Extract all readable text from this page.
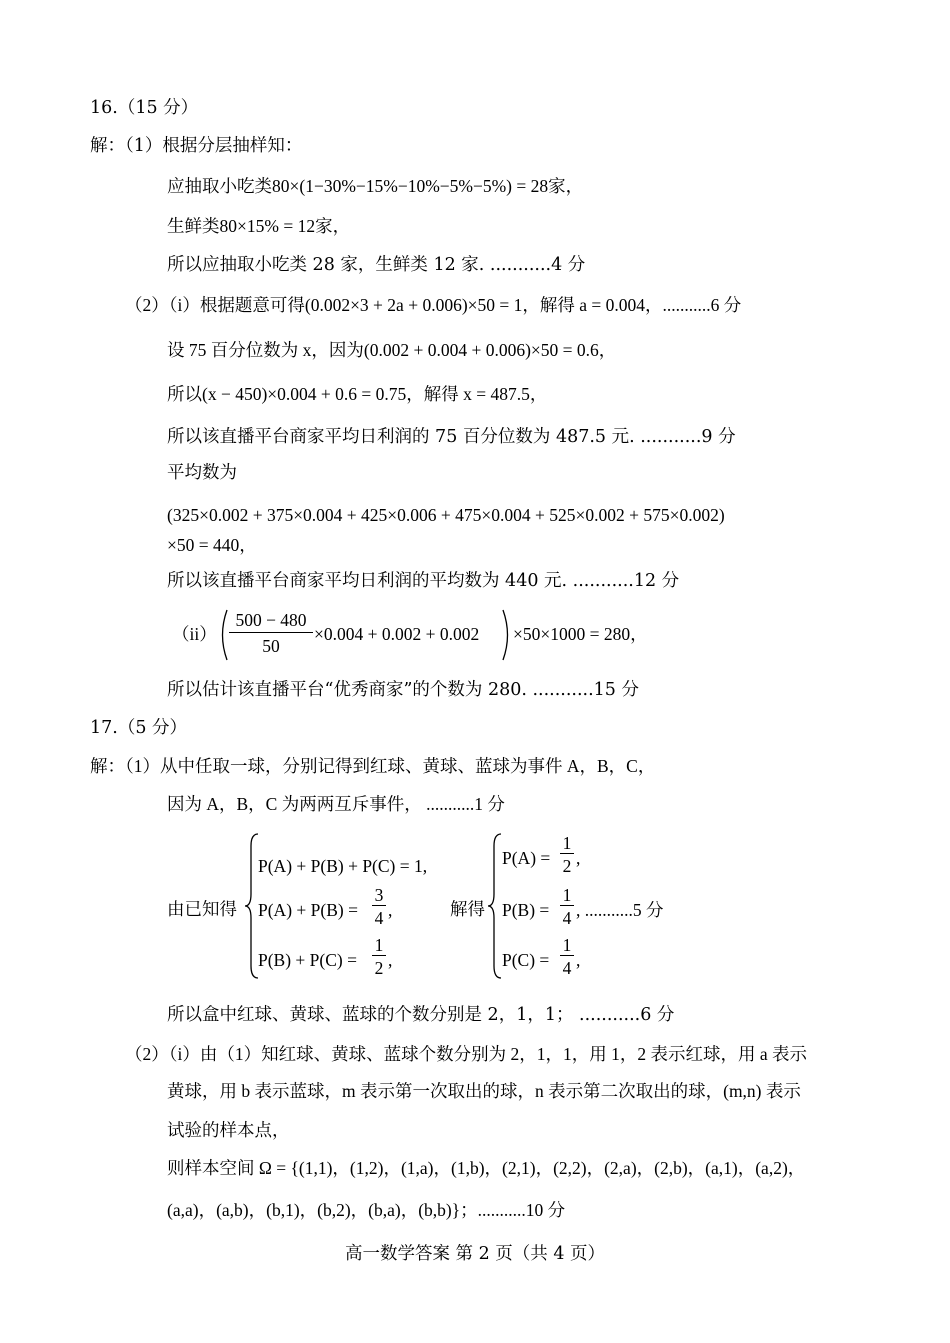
16.（15 分）
解：（1）根据分层抽样知：
应抽取小吃类80×(1−30%−15%−10%−5%−5%) = 28家，
生鲜类80×15% = 12家，
所以应抽取小吃类 28 家，生鲜类 12 家. ...........4 分
（2）（i）根据题意可得(0.002×3 + 2a + 0.006)×50 = 1，解得 a = 0.004，...........6 分
设 75 百分位数为 x，因为(0.002 + 0.004 + 0.006)×50 = 0.6，
所以(x − 450)×0.004 + 0.6 = 0.75，解得 x = 487.5，
所以该直播平台商家平均日利润的 75 百分位数为 487.5 元. ...........9 分
平均数为
(325×0.002 + 375×0.004 + 425×0.006 + 475×0.004 + 525×0.002 + 575×0.002)
×50 = 440，
所以该直播平台商家平均日利润的平均数为 440 元. ...........12 分
$(ii) \frac{500 - 480}{50} \times 0.004 + 0.002 + 0.002 \times 50\times 1000 = 280$，
所以估计该直播平台“优秀商家”的个数为 280. ...........15 分
17.（5 分）
解：（1）从中任取一球，分别记得到红球、黄球、蓝球为事件 A，B，C，
因为 A，B，C 为两两互斥事件， ...........1 分
由已知得
P(A) + P(B) + P(C) = 1,
$P(A) + P(B) = \frac{3}{4}$ ,
$P(B) + P(C) = \frac{1}{2}$ ,
解得
$P(A) = \frac{1}{2}$ ,
$P(B) = \frac{1}{4}$ , ...........5 分
$P(C) = \frac{1}{4}$ ,
所以盒中红球、黄球、蓝球的个数分别是 2，1，1； ...........6 分
（2）（i）由（1）知红球、黄球、蓝球个数分别为 2，1，1，用 1，2 表示红球，用 a 表示
黄球，用 b 表示蓝球，m 表示第一次取出的球，n 表示第二次取出的球，(m,n) 表示
试验的样本点，
则样本空间 Ω = {(1,1)，(1,2)，(1,a)，(1,b)，(2,1)，(2,2)，(2,a)，(2,b)，(a,1)，(a,2)，
(a,a)，(a,b)，(b,1)，(b,2)，(b,a)，(b,b)}；...........10 分
高一数学答案 第 2 页（共 4 页）
